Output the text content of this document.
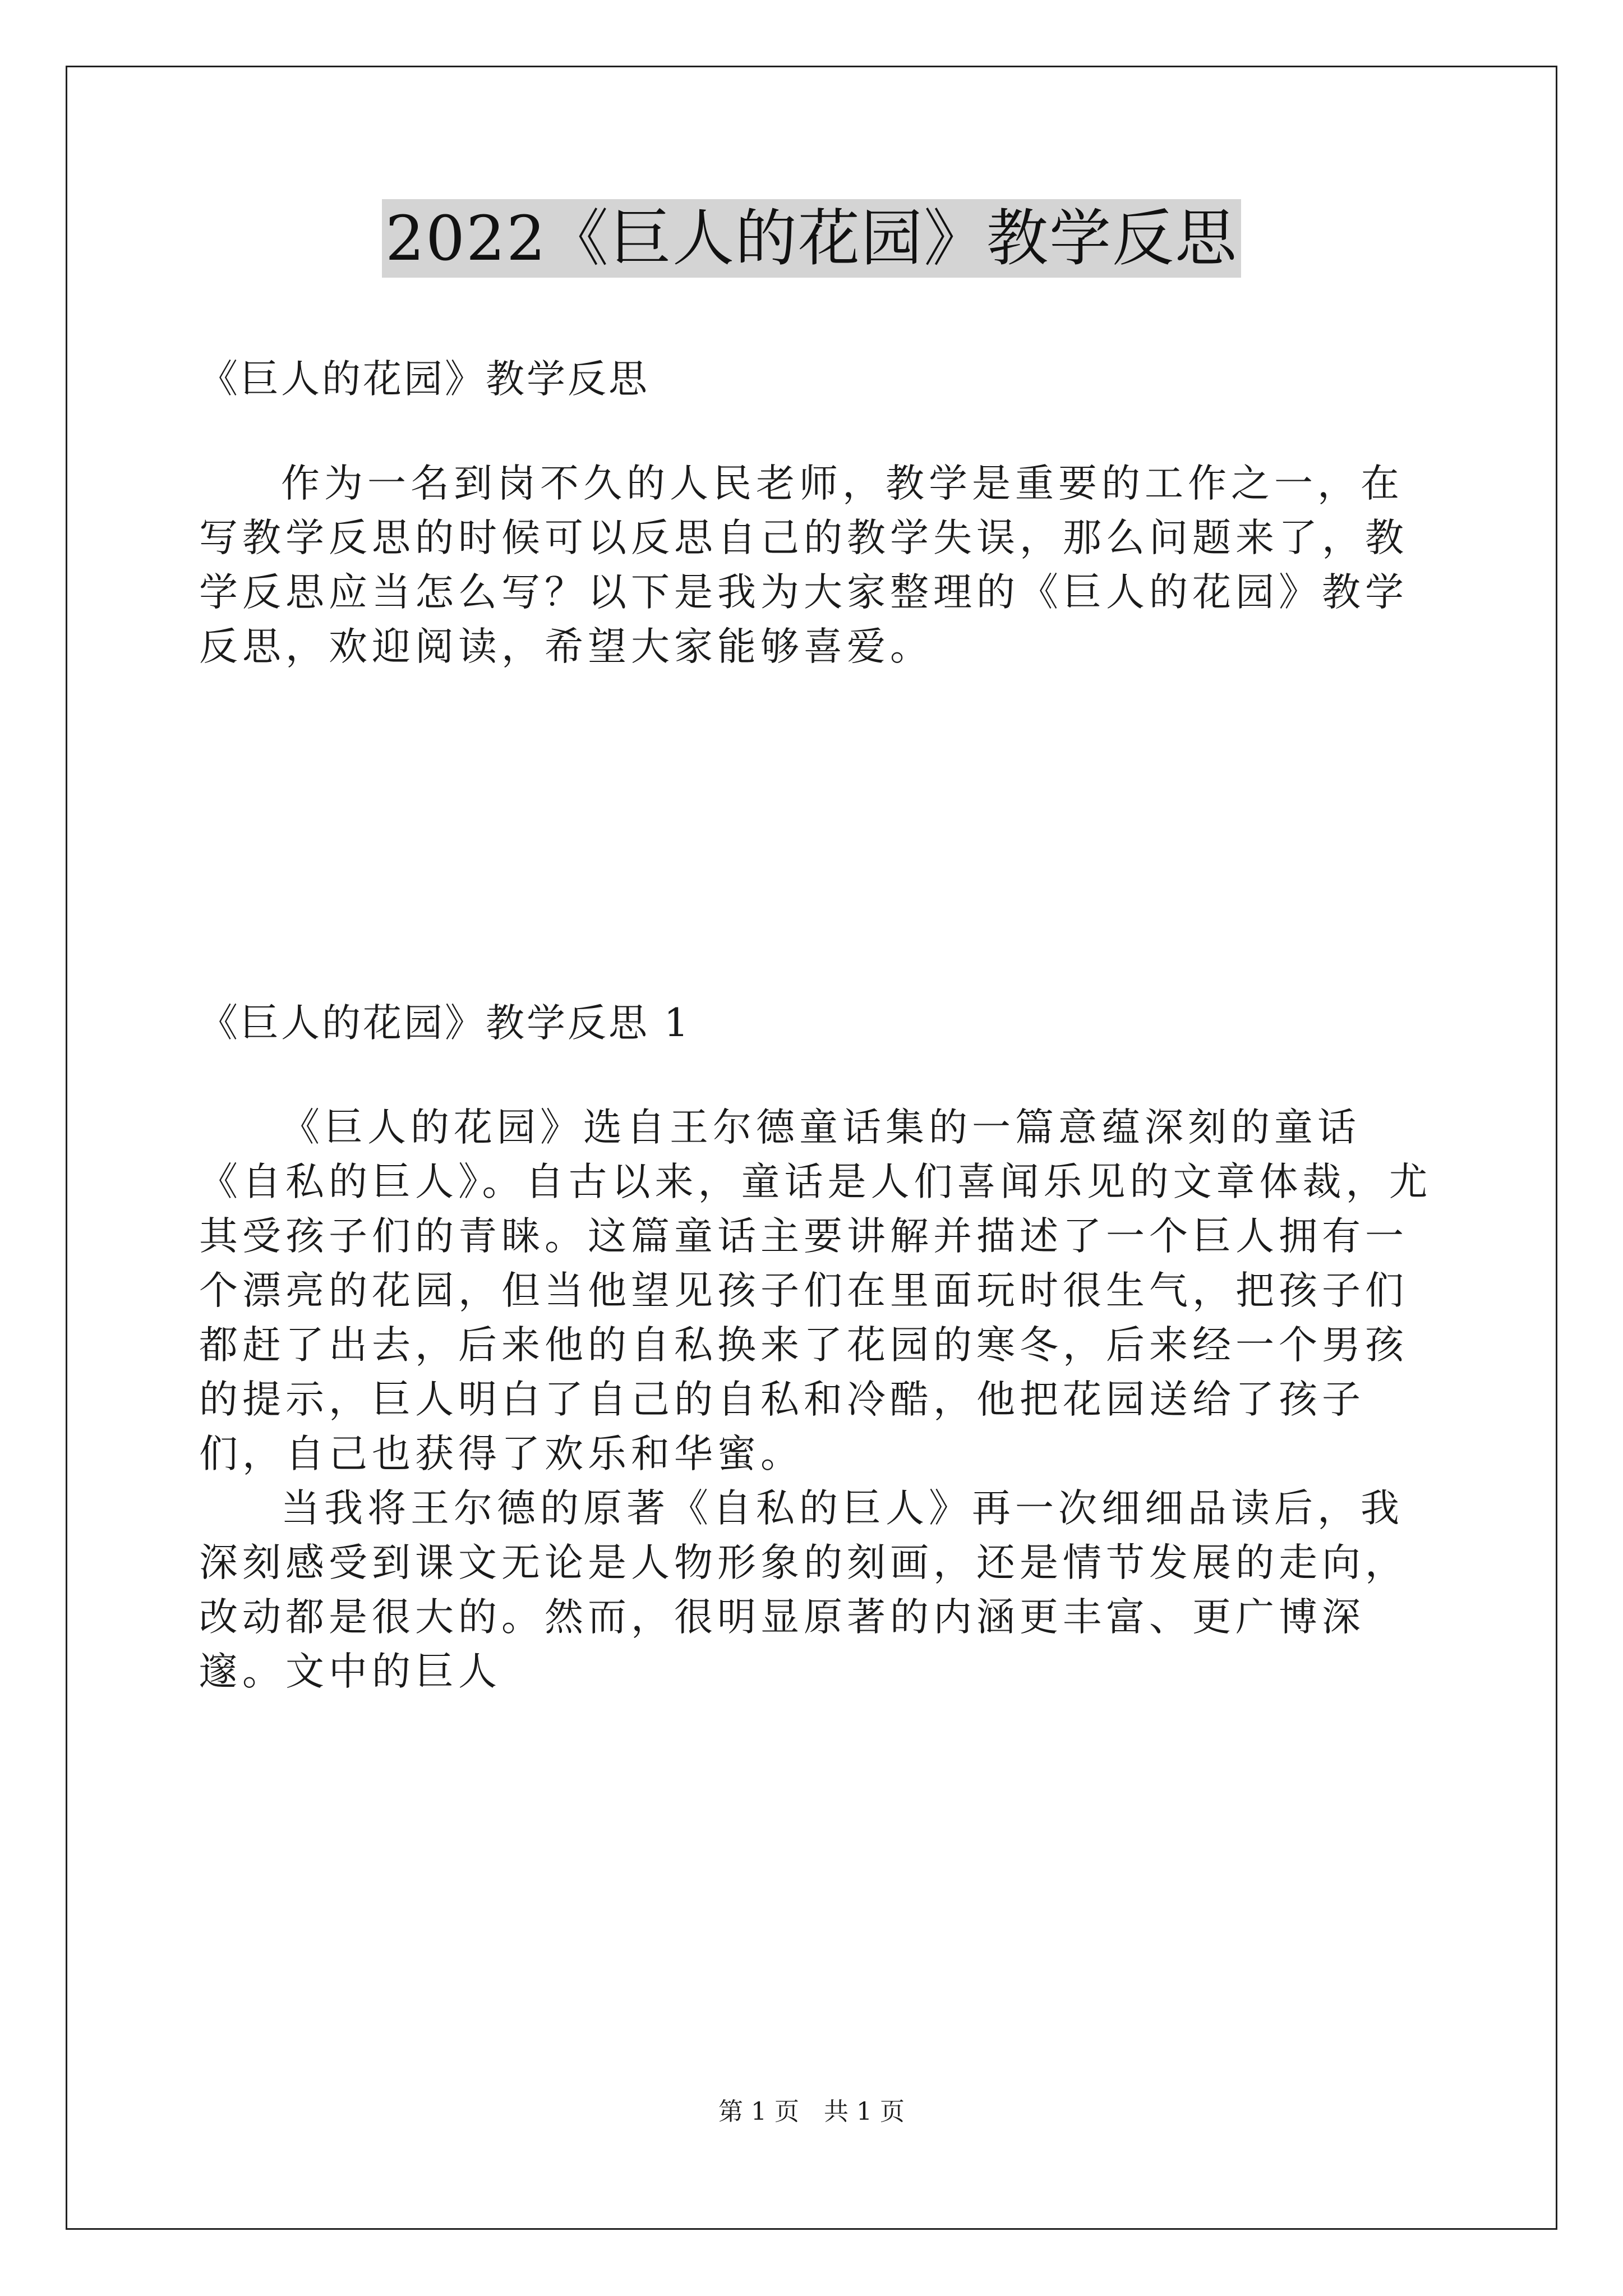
2022《巨人的花园》教学反思
《巨人的花园》教学反思

作为一名到岗不久的人民老师，教学是重要的工作之一，在写教学反思的时候可以反思自己的教学失误，那么问题来了，教学反思应当怎么写？以下是我为大家整理的《巨人的花园》教学反思，欢迎阅读，希望大家能够喜爱。

《巨人的花园》教学反思 1

《巨人的花园》选自王尔德童话集的一篇意蕴深刻的童话《自私的巨人》。自古以来，童话是人们喜闻乐见的文章体裁，尤其受孩子们的青睐。这篇童话主要讲解并描述了一个巨人拥有一个漂亮的花园，但当他望见孩子们在里面玩时很生气，把孩子们都赶了出去，后来他的自私换来了花园的寒冬，后来经一个男孩的提示，巨人明白了自己的自私和冷酷，他把花园送给了孩子们，自己也获得了欢乐和华蜜。

当我将王尔德的原著《自私的巨人》再一次细细品读后，我深刻感受到课文无论是人物形象的刻画，还是情节发展的走向，改动都是很大的。然而，很明显原著的内涵更丰富、更广博深邃。文中的巨人

第 1 页　共 1 页
